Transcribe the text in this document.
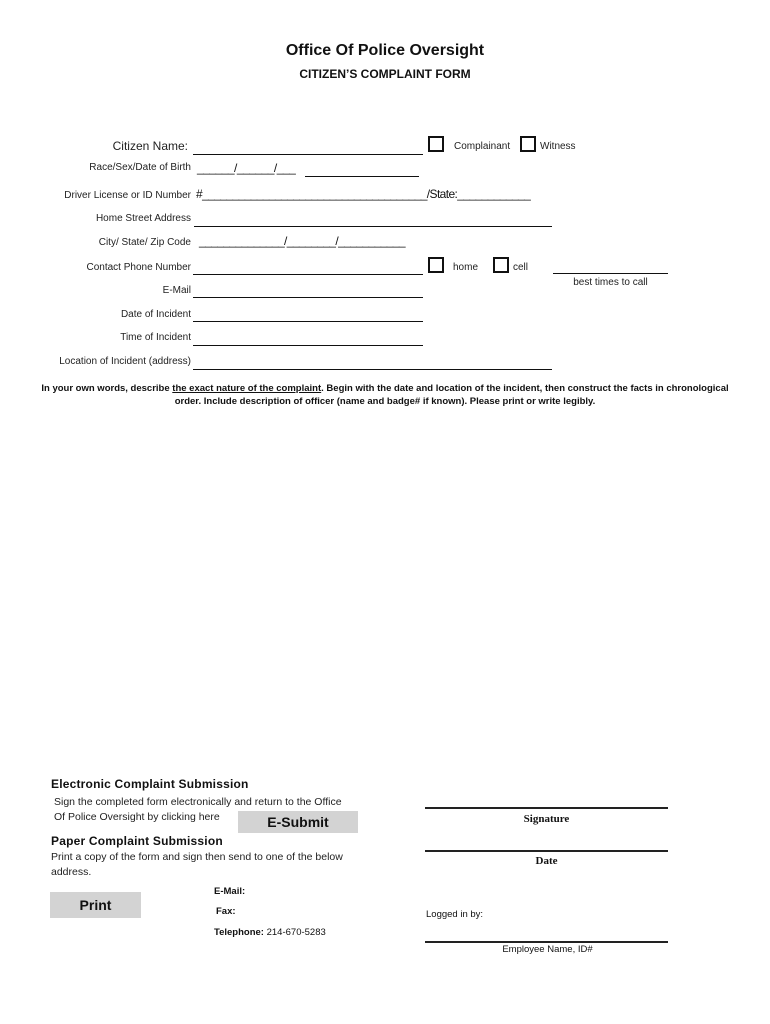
Office Of Police Oversight
CITIZEN’S COMPLAINT FORM
Citizen Name:	Complainant	Witness
Race/Sex/Date of Birth ______/______/___
Driver License or ID Number #_____________________________________/State:____________
Home Street Address
City/ State/ Zip Code ______________/________/___________
Contact Phone Number	home	cell
best times to call
E-Mail
Date of Incident
Time of Incident
Location of Incident (address)
In your own words, describe the exact nature of the complaint. Begin with the date and location of the incident, then construct the facts in chronological order. Include description of officer (name and badge# if known). Please print or write legibly.
Electronic Complaint Submission
Sign the completed form electronically and return to the Office
Of Police Oversight by clicking here	E-Submit
Paper Complaint Submission
Print a copy of the form and sign then send to one of the below
address.
Print
E-Mail:
Fax:
Telephone: 214-670-5283
Signature
Date
Logged in by:
Employee Name, ID#
